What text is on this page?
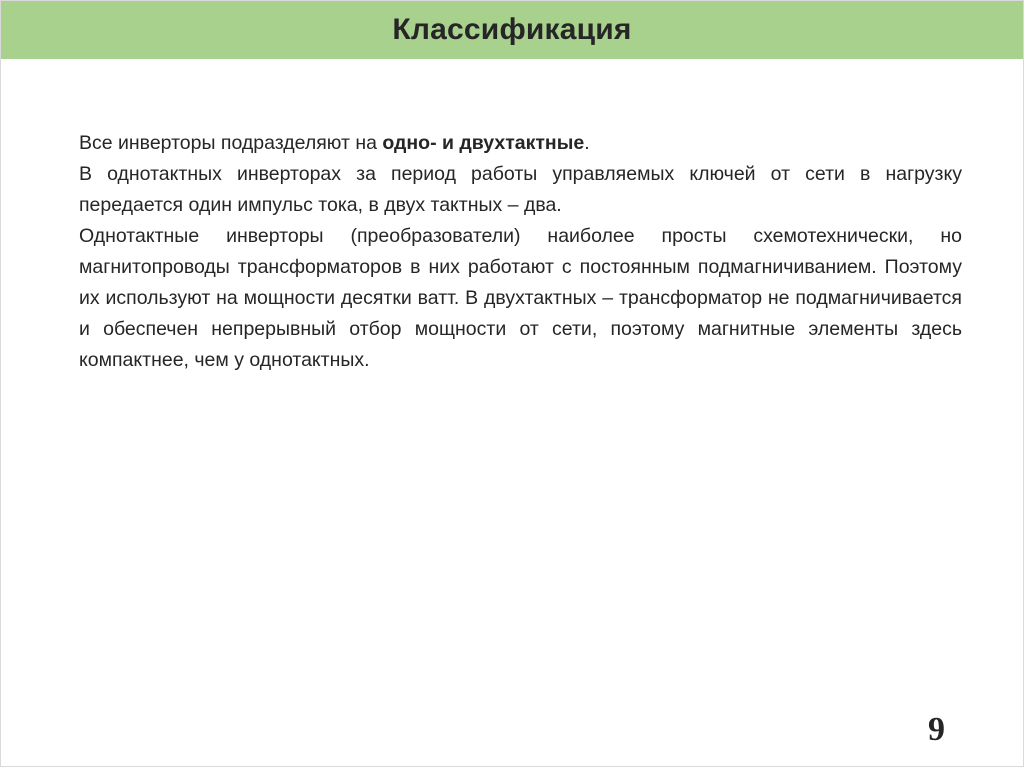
Классификация

Все инверторы подразделяют на одно- и двухтактные.

В однотактных инверторах за период работы управляемых ключей от сети в нагрузку передается один импульс тока, в двух тактных – два.

Однотактные инверторы (преобразователи) наиболее просты схемотехнически, но магнитопроводы трансформаторов в них работают с постоянным подмагничиванием. Поэтому их используют на мощности десятки ватт. В двухтактных – трансформатор не подмагничивается и обеспечен непрерывный отбор мощности от сети, поэтому магнитные элементы здесь компактнее, чем у однотактных.

9
